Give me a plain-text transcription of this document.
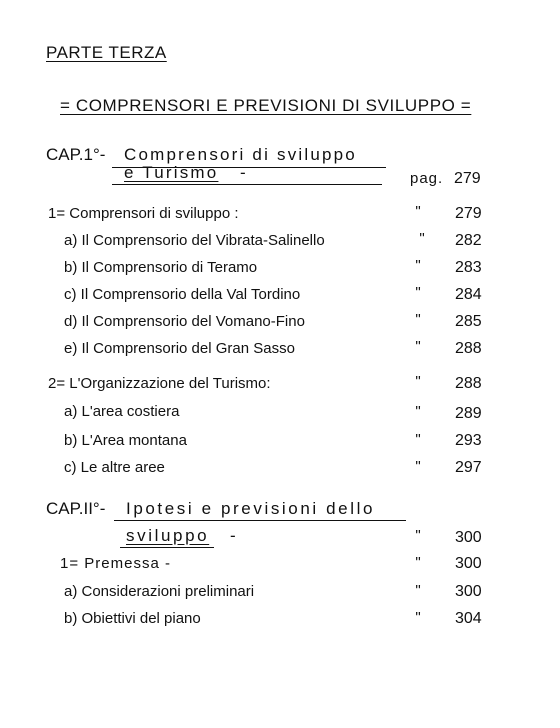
PARTE TERZA
= COMPRENSORI E PREVISIONI DI SVILUPPO =
CAP.1°- Comprensori di sviluppo
e Turismo -	pag. 279
1= Comprensori di sviluppo :	"	279
a) Il Comprensorio del Vibrata-Salinello	"	282
b) Il Comprensorio di Teramo	"	283
c) Il Comprensorio della Val Tordino	"	284
d) Il Comprensorio del Vomano-Fino	"	285
e) Il Comprensorio del Gran Sasso	"	288
2= L'Organizzazione del Turismo:	"	288
a) L'area costiera	"	289
b) L'Area montana	"	293
c) Le altre aree	"	297
CAP.II°- Ipotesi e previsioni dello
sviluppo -	"	300
1= Premessa -	"	300
a) Considerazioni preliminari	"	300
b) Obiettivi del piano	"	304
